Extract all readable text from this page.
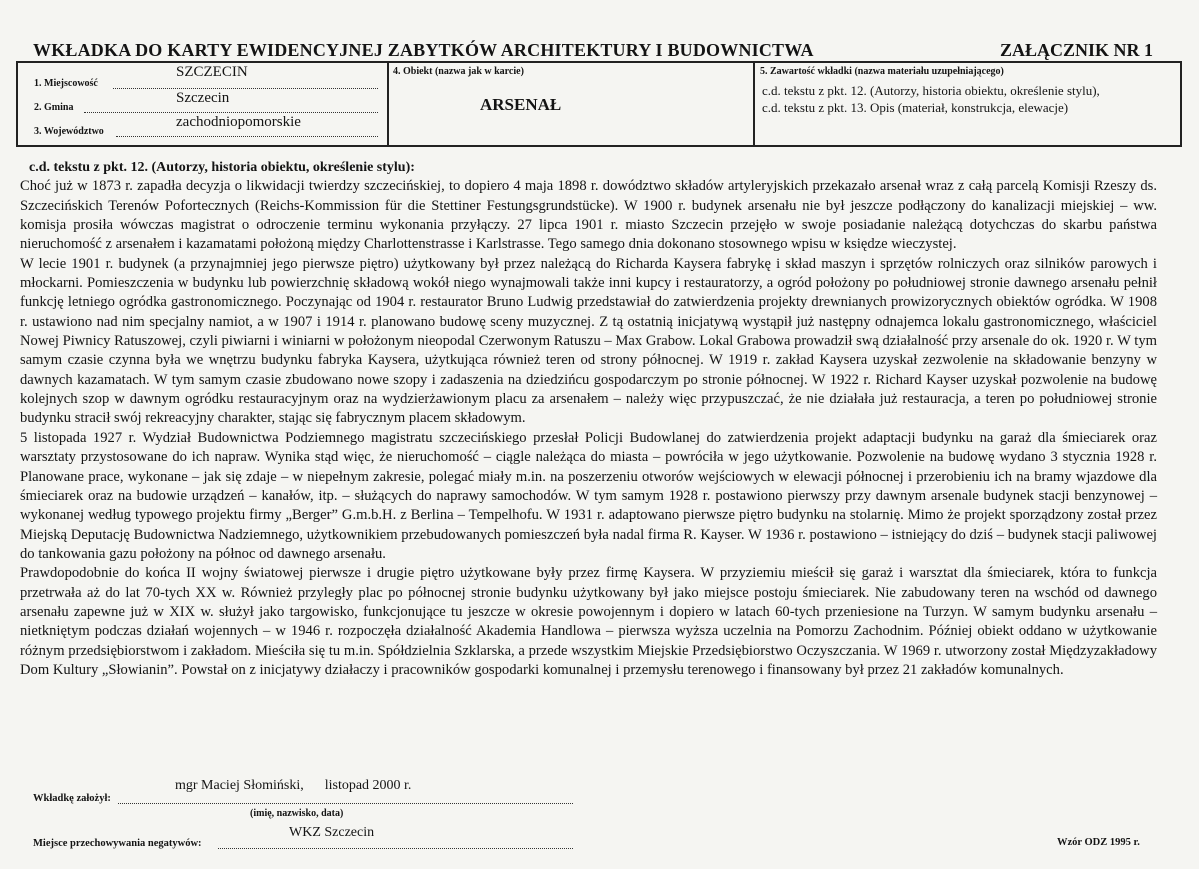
WKŁADKA DO KARTY EWIDENCYJNEJ ZABYTKÓW ARCHITEKTURY I BUDOWNICTWA	ZAŁĄCZNIK NR 1
1. Miejscowość
SZCZECIN
2. Gmina
Szczecin
3. Województwo
zachodniopomorskie
4. Obiekt (nazwa jak w karcie)	5. Zawartość wkładki (nazwa materiału uzupełniającego)
c.d. tekstu z pkt. 12. (Autorzy, historia obiektu, określenie stylu),
c.d. tekstu z pkt. 13. Opis (materiał, konstrukcja, elewacje)
ARSENAŁ
c.d. tekstu z pkt. 12. (Autorzy, historia obiektu, określenie stylu):

Choć już w 1873 r. zapadła decyzja o likwidacji twierdzy szczecińskiej, to dopiero 4 maja 1898 r. dowództwo składów artyleryjskich przekazało arsenał wraz z całą parcelą Komisji Rzeszy ds. Szczecińskich Terenów Pofortecznych (Reichs-Kommission für die Stettiner Festungsgrundstücke). W 1900 r. budynek arsenału nie był jeszcze podłączony do kanalizacji miejskiej – ww. komisja prosiła wówczas magistrat o odroczenie terminu wykonania przyłączy. 27 lipca 1901 r. miasto Szczecin przejęło w swoje posiadanie należącą dotychczas do skarbu państwa nieruchomość z arsenałem i kazamatami położoną między Charlottenstrasse i Karlstrasse. Tego samego dnia dokonano stosownego wpisu w księdze wieczystej.

W lecie 1901 r. budynek (a przynajmniej jego pierwsze piętro) użytkowany był przez należącą do Richarda Kaysera fabrykę i skład maszyn i sprzętów rolniczych oraz silników parowych i młockarni. Pomieszczenia w budynku lub powierzchnię składową wokół niego wynajmowali także inni kupcy i restauratorzy, a ogród położony po południowej stronie dawnego arsenału pełnił funkcję letniego ogródka gastronomicznego. Poczynając od 1904 r. restaurator Bruno Ludwig przedstawiał do zatwierdzenia projekty drewnianych prowizorycznych obiektów ogródka. W 1908 r. ustawiono nad nim specjalny namiot, a w 1907 i 1914 r. planowano budowę sceny muzycznej. Z tą ostatnią inicjatywą wystąpił już następny odnajemca lokalu gastronomicznego, właściciel Nowej Piwnicy Ratuszowej, czyli piwiarni i winiarni w położonym nieopodal Czerwonym Ratuszu – Max Grabow. Lokal Grabowa prowadził swą działalność przy arsenale do ok. 1920 r. W tym samym czasie czynna była we wnętrzu budynku fabryka Kaysera, użytkująca również teren od strony północnej. W 1919 r. zakład Kaysera uzyskał zezwolenie na składowanie benzyny w dawnych kazamatach. W tym samym czasie zbudowano nowe szopy i zadaszenia na dziedzińcu gospodarczym po stronie północnej. W 1922 r. Richard Kayser uzyskał pozwolenie na budowę kolejnych szop w dawnym ogródku restauracyjnym oraz na wydzierżawionym placu za arsenałem – należy więc przypuszczać, że nie działała już restauracja, a teren po południowej stronie budynku stracił swój rekreacyjny charakter, stając się fabrycznym placem składowym.

5 listopada 1927 r. Wydział Budownictwa Podziemnego magistratu szczecińskiego przesłał Policji Budowlanej do zatwierdzenia projekt adaptacji budynku na garaż dla śmieciarek oraz warsztaty przystosowane do ich napraw. Wynika stąd więc, że nieruchomość – ciągle należąca do miasta – powróciła w jego użytkowanie. Pozwolenie na budowę wydano 3 stycznia 1928 r. Planowane prace, wykonane – jak się zdaje – w niepełnym zakresie, polegać miały m.in. na poszerzeniu otworów wejściowych w elewacji północnej i przerobieniu ich na bramy wjazdowe dla śmieciarek oraz na budowie urządzeń – kanałów, itp. – służących do naprawy samochodów. W tym samym 1928 r. postawiono pierwszy przy dawnym arsenale budynek stacji benzynowej – wykonanej według typowego projektu firmy „Berger” G.m.b.H. z Berlina – Tempelhofu. W 1931 r. adaptowano pierwsze piętro budynku na stolarnię. Mimo że projekt sporządzony został przez Miejską Deputację Budownictwa Nadziemnego, użytkownikiem przebudowanych pomieszczeń była nadal firma R. Kayser. W 1936 r. postawiono – istniejący do dziś – budynek stacji paliwowej do tankowania gazu położony na północ od dawnego arsenału.

Prawdopodobnie do końca II wojny światowej pierwsze i drugie piętro użytkowane były przez firmę Kaysera. W przyziemiu mieścił się garaż i warsztat dla śmieciarek, która to funkcja przetrwała aż do lat 70-tych XX w. Również przyległy plac po północnej stronie budynku użytkowany był jako miejsce postoju śmieciarek. Nie zabudowany teren na wschód od dawnego arsenału zapewne już w XIX w. służył jako targowisko, funkcjonujące tu jeszcze w okresie powojennym i dopiero w latach 60-tych przeniesione na Turzyn. W samym budynku arsenału – nietkniętym podczas działań wojennych – w 1946 r. rozpoczęła działalność Akademia Handlowa – pierwsza wyższa uczelnia na Pomorzu Zachodnim. Później obiekt oddano w użytkowanie różnym przedsiębiorstwom i zakładom. Mieściła się tu m.in. Spółdzielnia Szklarska, a przede wszystkim Miejskie Przedsiębiorstwo Oczyszczania. W 1969 r. utworzony został Międzyzakładowy Dom Kultury „Słowianin”. Powstał on z inicjatywy działaczy i pracowników gospodarki komunalnej i przemysłu terenowego i finansowany był przez 21 zakładów komunalnych.

Wkładkę założył:
mgr Maciej Słomiński,      listopad 2000 r.
(imię, nazwisko, data)
Miejsce przechowywania negatywów:
WKZ Szczecin
Wzór ODZ 1995 r.
